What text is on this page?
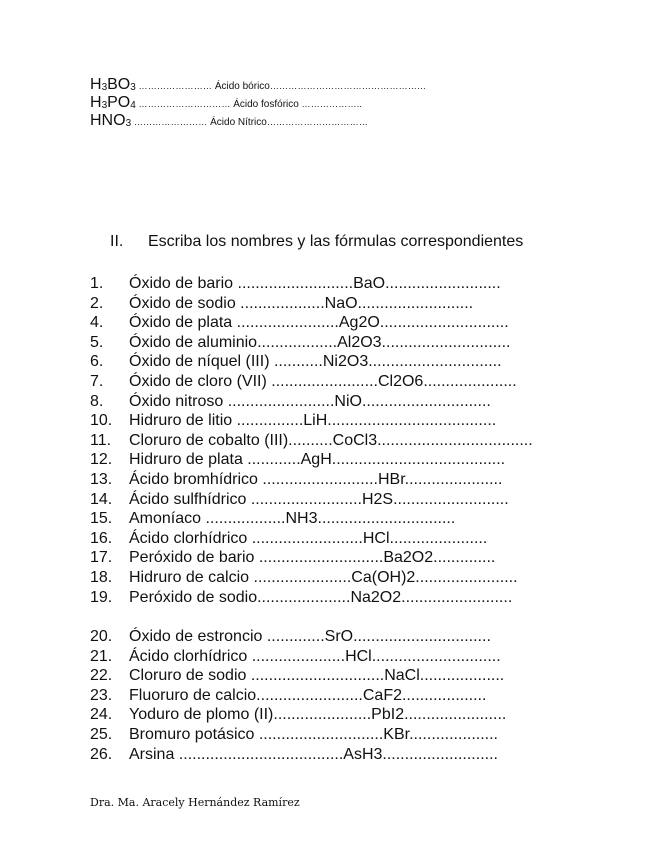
$H_3BO_3$ …………………… Ácido bórico……………………………………………
$H_3PO_4$ ………………………… Ácido fosfórico ………………..
$HNO_3$ …………………… Ácido Nítrico……………………………
II. Escriba los nombres y las fórmulas correspondientes
1. Óxido de bario ..........................BaO..........................
2. Óxido de sodio ...................NaO..........................
4. Óxido de plata .......................Ag2O.............................
5. Óxido de aluminio..................Al2O3.............................
6. Óxido de níquel (III) ...........Ni2O3..............................
7. Óxido de cloro (VII) ........................Cl2O6.....................
8. Óxido nitroso ........................NiO.............................
10. Hidruro de litio ...............LiH......................................
11. Cloruro de cobalto (III)..........CoCl3...................................
12. Hidruro de plata ............AgH.......................................
13. Ácido bromhídrico ..........................HBr......................
14. Ácido sulfhídrico .........................H2S..........................
15. Amoníaco ..................NH3...............................
16. Ácido clorhídrico .........................HCl......................
17. Peróxido de bario ............................Ba2O2..............
18. Hidruro de calcio ......................Ca(OH)2.......................
19. Peróxido de sodio.....................Na2O2.........................
20. Óxido de estroncio .............SrO...............................
21. Ácido clorhídrico .....................HCl.............................
22. Cloruro de sodio ..............................NaCl...................
23. Fluoruro de calcio........................CaF2...................
24. Yoduro de plomo (II)......................PbI2.......................
25. Bromuro potásico ............................KBr....................
26. Arsina .....................................AsH3..........................
Dra. Ma. Aracely Hernández Ramírez
